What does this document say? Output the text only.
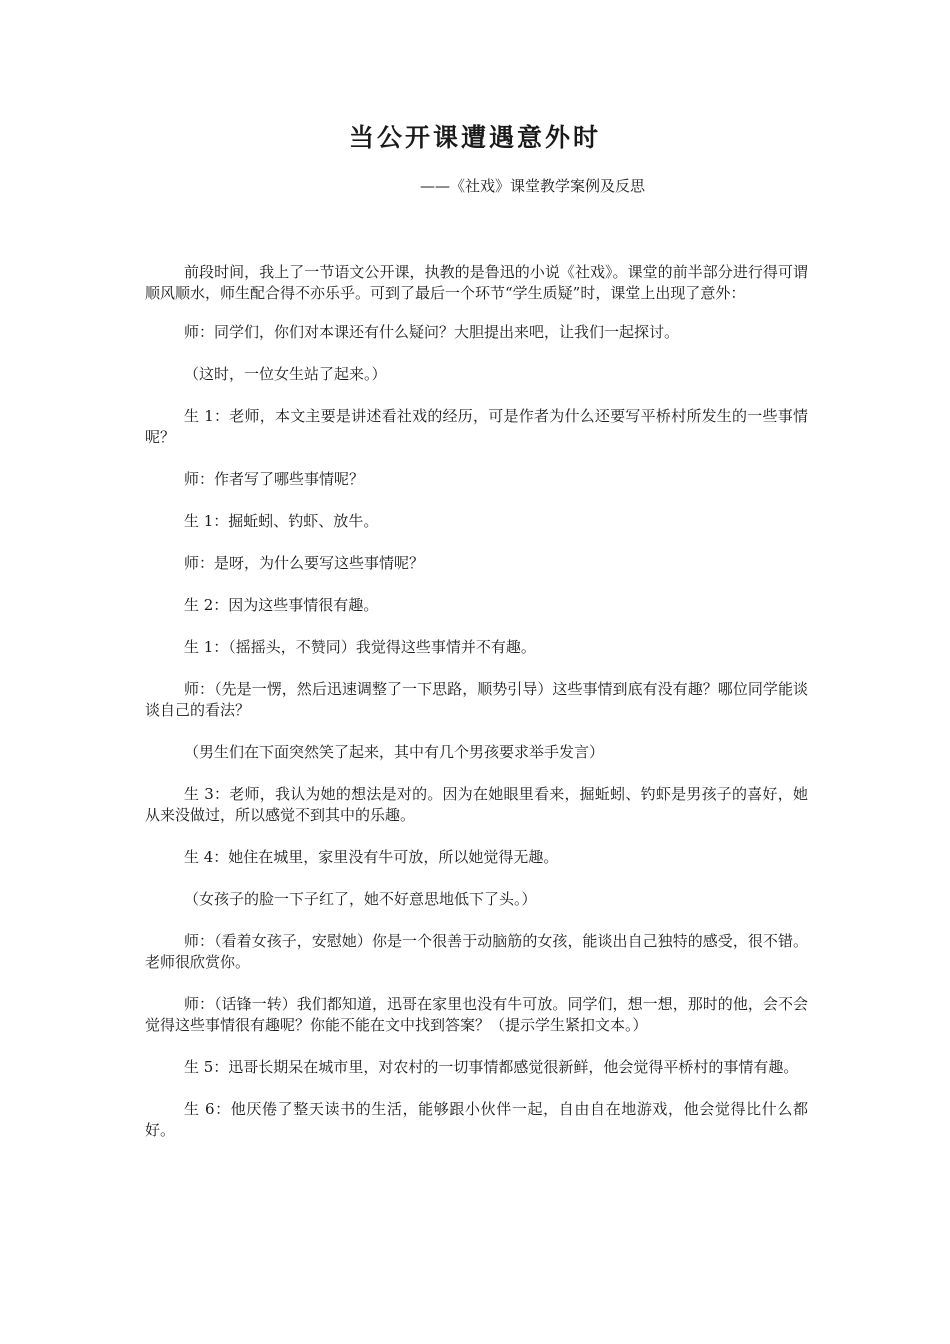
当公开课遭遇意外时

——《社戏》课堂教学案例及反思

前段时间，我上了一节语文公开课，执教的是鲁迅的小说《社戏》。课堂的前半部分进行得可谓顺风顺水，师生配合得不亦乐乎。可到了最后一个环节“学生质疑”时，课堂上出现了意外：

师：同学们，你们对本课还有什么疑问？大胆提出来吧，让我们一起探讨。

（这时，一位女生站了起来。）

生 1：老师，本文主要是讲述看社戏的经历，可是作者为什么还要写平桥村所发生的一些事情呢？

师：作者写了哪些事情呢？

生 1：掘蚯蚓、钓虾、放牛。

师：是呀，为什么要写这些事情呢？

生 2：因为这些事情很有趣。

生 1：（摇摇头，不赞同）我觉得这些事情并不有趣。

师：（先是一愣，然后迅速调整了一下思路，顺势引导）这些事情到底有没有趣？哪位同学能谈谈自己的看法？

（男生们在下面突然笑了起来，其中有几个男孩要求举手发言）

生 3：老师，我认为她的想法是对的。因为在她眼里看来，掘蚯蚓、钓虾是男孩子的喜好，她从来没做过，所以感觉不到其中的乐趣。

生 4：她住在城里，家里没有牛可放，所以她觉得无趣。

（女孩子的脸一下子红了，她不好意思地低下了头。）

师：（看着女孩子，安慰她）你是一个很善于动脑筋的女孩，能谈出自己独特的感受，很不错。老师很欣赏你。

师：（话锋一转）我们都知道，迅哥在家里也没有牛可放。同学们，想一想，那时的他，会不会觉得这些事情很有趣呢？你能不能在文中找到答案？（提示学生紧扣文本。）

生 5：迅哥长期呆在城市里，对农村的一切事情都感觉很新鲜，他会觉得平桥村的事情有趣。

生 6：他厌倦了整天读书的生活，能够跟小伙伴一起，自由自在地游戏，他会觉得比什么都好。
